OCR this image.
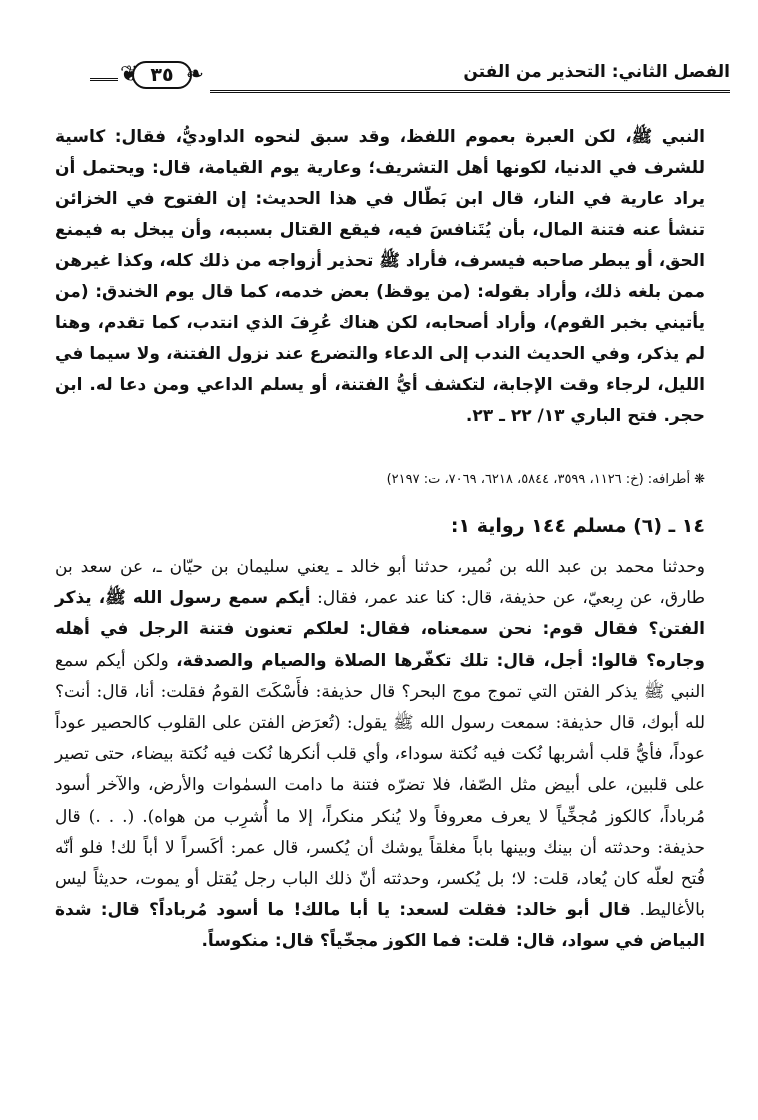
❦ ٣٥ ❧	الفصل الثاني: التحذير من الفتن

النبي ﷺ، لكن العبرة بعموم اللفظ، وقد سبق لنحوه الداوديُّ، فقال: كاسية للشرف في الدنيا، لكونها أهل التشريف؛ وعارية يوم القيامة، قال: ويحتمل أن يراد عارية في النار، قال ابن بَطّال في هذا الحديث: إن الفتوح في الخزائن تنشأ عنه فتنة المال، بأن يُتَنافسَ فيه، فيقع القتال بسببه، وأن يبخل به فيمنع الحق، أو يبطر صاحبه فيسرف، فأراد ﷺ تحذير أزواجه من ذلك كله، وكذا غيرهن ممن بلغه ذلك، وأراد بقوله: (من يوقظ) بعض خدمه، كما قال يوم الخندق: (من يأتيني بخبر القوم)، وأراد أصحابه، لكن هناك عُرِفَ الذي انتدب، كما تقدم، وهنا لم يذكر، وفي الحديث الندب إلى الدعاء والتضرع عند نزول الفتنة، ولا سيما في الليل، لرجاء وقت الإجابة، لتكشف أيُّ الفتنة، أو يسلم الداعي ومن دعا له. ابن حجر. فتح الباري ١٣/ ٢٢ ـ ٢٣.

❋أطرافه: (خ: ١١٢٦، ٣٥٩٩، ٥٨٤٤، ٦٢١٨، ٧٠٦٩، ت: ٢١٩٧)
١٤ ـ (٦) مسلم ١٤٤ رواية ١:

وحدثنا محمد بن عبد الله بن نُمير، حدثنا أبو خالد ـ يعني سليمان بن حيّان ـ، عن سعد بن طارق، عن رِبعيّ، عن حذيفة، قال: كنا عند عمر، فقال: أيكم سمع رسول الله ﷺ، يذكر الفتن؟ فقال قوم: نحن سمعناه، فقال: لعلكم تعنون فتنة الرجل في أهله وجاره؟ قالوا: أجل، قال: تلك تكفّرها الصلاة والصيام والصدقة، ولكن أيكم سمع النبي ﷺ يذكر الفتن التي تموج موج البحر؟ قال حذيفة: فأَسْكَتَ القومُ فقلت: أنا، قال: أنت؟ لله أبوك، قال حذيفة: سمعت رسول الله ﷺ يقول: (تُعرَض الفتن على القلوب كالحصير عوداً عوداً، فأيُّ قلب أشربها نُكت فيه نُكتة سوداء، وأي قلب أنكرها نُكت فيه نُكتة بيضاء، حتى تصير على قلبين، على أبيض مثل الصّفا، فلا تضرّه فتنة ما دامت السمٰوات والأرض، والآخر أسود مُرباداً، كالكوز مُجخِّياً لا يعرف معروفاً ولا يُنكر منكراً، إلا ما أُشرِب من هواه). (. . .) قال حذيفة: وحدثته أن بينك وبينها باباً مغلقاً يوشك أن يُكسر، قال عمر: أكَسراً لا أباً لك! فلو أنّه فُتح لعلّه كان يُعاد، قلت: لا؛ بل يُكسر، وحدثته أنّ ذلك الباب رجل يُقتل أو يموت، حديثاً ليس بالأغاليط. قال أبو خالد: فقلت لسعد: يا أبا مالك! ما أسود مُرباداً؟ قال: شدة البياض في سواد، قال: قلت: فما الكوز مجخّياً؟ قال: منكوساً.
